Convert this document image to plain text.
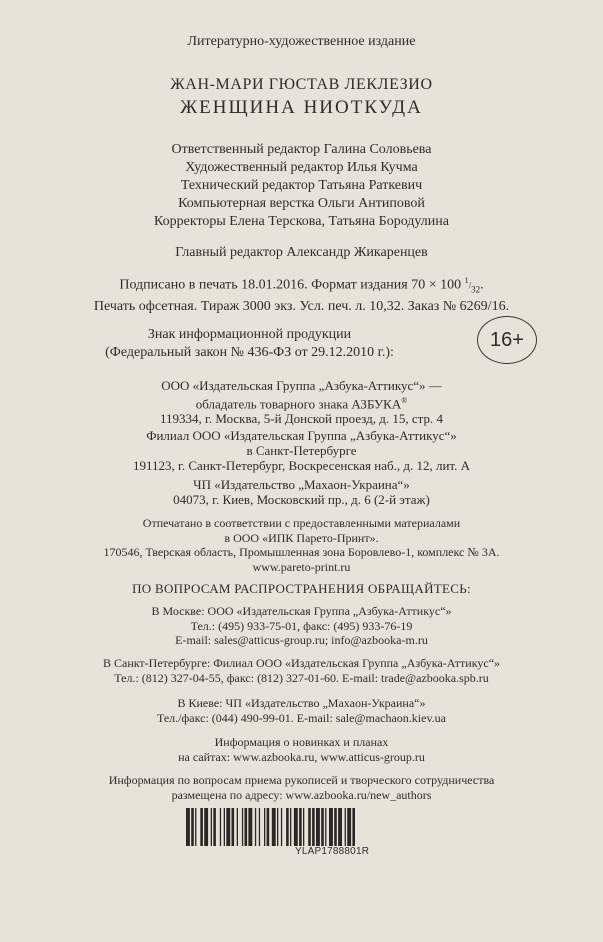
Литературно-художественное издание
ЖАН-МАРИ ГЮСТАВ ЛЕКЛЕЗИО
ЖЕНЩИНА НИОТКУДА
Ответственный редактор Галина Соловьева
Художественный редактор Илья Кучма
Технический редактор Татьяна Раткевич
Компьютерная верстка Ольги Антиповой
Корректоры Елена Терскова, Татьяна Бородулина
Главный редактор Александр Жикаренцев
Подписано в печать 18.01.2016. Формат издания 70 × 100 $^1/_{32}$.
Печать офсетная. Тираж 3000 экз. Усл. печ. л. 10,32. Заказ № 6269/16.
Знак информационной продукции
(Федеральный закон № 436-ФЗ от 29.12.2010 г.):
16+
ООО «Издательская Группа „Азбука-Аттикус“» —
обладатель товарного знака АЗБУКА®
119334, г. Москва, 5-й Донской проезд, д. 15, стр. 4
Филиал ООО «Издательская Группа „Азбука-Аттикус“»
в Санкт-Петербурге
191123, г. Санкт-Петербург, Воскресенская наб., д. 12, лит. А
ЧП «Издательство „Махаон-Украина“»
04073, г. Киев, Московский пр., д. 6 (2-й этаж)
Отпечатано в соответствии с предоставленными материалами
в ООО «ИПК Парето-Принт».
170546, Тверская область, Промышленная зона Боровлево-1, комплекс № 3А.
www.pareto-print.ru
ПО ВОПРОСАМ РАСПРОСТРАНЕНИЯ ОБРАЩАЙТЕСЬ:
В Москве: ООО «Издательская Группа „Азбука-Аттикус“»
Тел.: (495) 933-75-01, факс: (495) 933-76-19
E-mail: sales@atticus-group.ru; info@azbooka-m.ru
В Санкт-Петербурге: Филиал ООО «Издательская Группа „Азбука-Аттикус“»
Тел.: (812) 327-04-55, факс: (812) 327-01-60. E-mail: trade@azbooka.spb.ru
В Киеве: ЧП «Издательство „Махаон-Украина“»
Тел./факс: (044) 490-99-01. E-mail: sale@machaon.kiev.ua
Информация о новинках и планах
на сайтах: www.azbooka.ru, www.atticus-group.ru
Информация по вопросам приема рукописей и творческого сотрудничества
размещена по адресу: www.azbooka.ru/new_authors
YLAP1788801R
